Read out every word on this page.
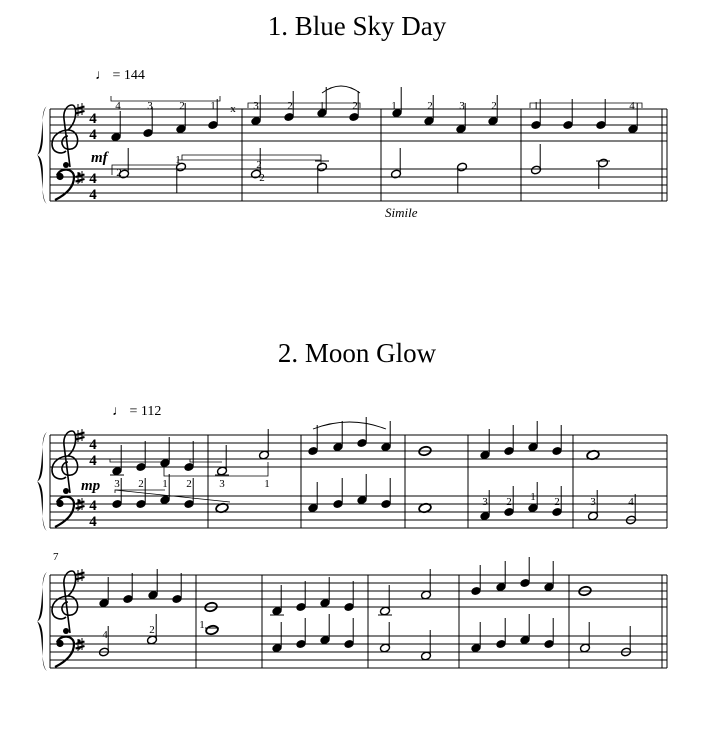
1. Blue Sky Day
♩ = 144
mf
Simile
2. Moon Glow
♩ = 112
mp
7
4
4
4
4
4 3 2 1 x 3	2 1	2	1	2 3 2	1	4
2
1	2
2
4
4
4
4
3 2 1 2	3	1
3 2 1 2	3	4
4	2	1
